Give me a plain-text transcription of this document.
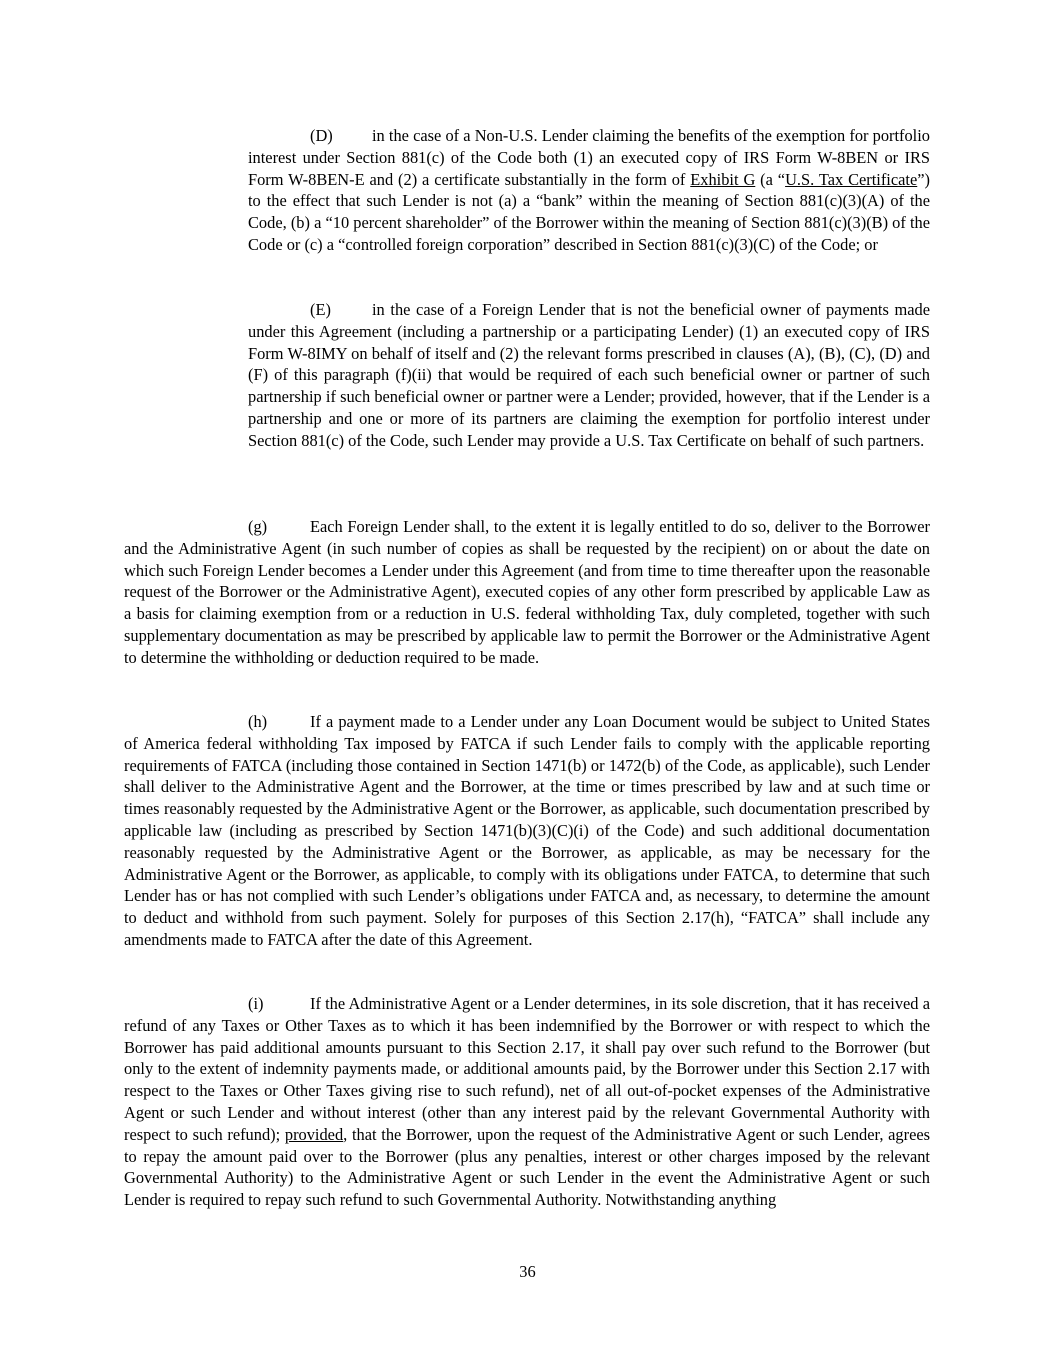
(D) in the case of a Non-U.S. Lender claiming the benefits of the exemption for portfolio interest under Section 881(c) of the Code both (1) an executed copy of IRS Form W-8BEN or IRS Form W-8BEN-E and (2) a certificate substantially in the form of Exhibit G (a “U.S. Tax Certificate”) to the effect that such Lender is not (a) a “bank” within the meaning of Section 881(c)(3)(A) of the Code, (b) a “10 percent shareholder” of the Borrower within the meaning of Section 881(c)(3)(B) of the Code or (c) a “controlled foreign corporation” described in Section 881(c)(3)(C) of the Code; or

(E)	in the case of a Foreign Lender that is not the beneficial owner of payments made under this Agreement (including a partnership or a participating Lender) (1) an executed copy of IRS Form W-8IMY on behalf of itself and (2) the relevant forms prescribed in clauses (A), (B), (C), (D) and (F) of this paragraph (f)(ii) that would be required of each such beneficial owner or partner of such partnership if such beneficial owner or partner were a Lender; provided, however, that if the Lender is a partnership and one or more of its partners are claiming the exemption for portfolio interest under Section 881(c) of the Code, such Lender may provide a U.S. Tax Certificate on behalf of such partners.

(g)	Each Foreign Lender shall, to the extent it is legally entitled to do so, deliver to the Borrower and the Administrative Agent (in such number of copies as shall be requested by the recipient) on or about the date on which such Foreign Lender becomes a Lender under this Agreement (and from time to time thereafter upon the reasonable request of the Borrower or the Administrative Agent), executed copies of any other form prescribed by applicable Law as a basis for claiming exemption from or a reduction in U.S. federal withholding Tax, duly completed, together with such supplementary documentation as may be prescribed by applicable law to permit the Borrower or the Administrative Agent to determine the withholding or deduction required to be made.

(h)	If a payment made to a Lender under any Loan Document would be subject to United States of America federal withholding Tax imposed by FATCA if such Lender fails to comply with the applicable reporting requirements of FATCA (including those contained in Section 1471(b) or 1472(b) of the Code, as applicable), such Lender shall deliver to the Administrative Agent and the Borrower, at the time or times prescribed by law and at such time or times reasonably requested by the Administrative Agent or the Borrower, as applicable, such documentation prescribed by applicable law (including as prescribed by Section 1471(b)(3)(C)(i) of the Code) and such additional documentation reasonably requested by the Administrative Agent or the Borrower, as applicable, as may be necessary for the Administrative Agent or the Borrower, as applicable, to comply with its obligations under FATCA, to determine that such Lender has or has not complied with such Lender’s obligations under FATCA and, as necessary, to determine the amount to deduct and withhold from such payment. Solely for purposes of this Section 2.17(h), “FATCA” shall include any amendments made to FATCA after the date of this Agreement.

(i)	If the Administrative Agent or a Lender determines, in its sole discretion, that it has received a refund of any Taxes or Other Taxes as to which it has been indemnified by the Borrower or with respect to which the Borrower has paid additional amounts pursuant to this Section 2.17, it shall pay over such refund to the Borrower (but only to the extent of indemnity payments made, or additional amounts paid, by the Borrower under this Section 2.17 with respect to the Taxes or Other Taxes giving rise to such refund), net of all out-of-pocket expenses of the Administrative Agent or such Lender and without interest (other than any interest paid by the relevant Governmental Authority with respect to such refund); provided, that the Borrower, upon the request of the Administrative Agent or such Lender, agrees to repay the amount paid over to the Borrower (plus any penalties, interest or other charges imposed by the relevant Governmental Authority) to the Administrative Agent or such Lender in the event the Administrative Agent or such Lender is required to repay such refund to such Governmental Authority. Notwithstanding anything

36
